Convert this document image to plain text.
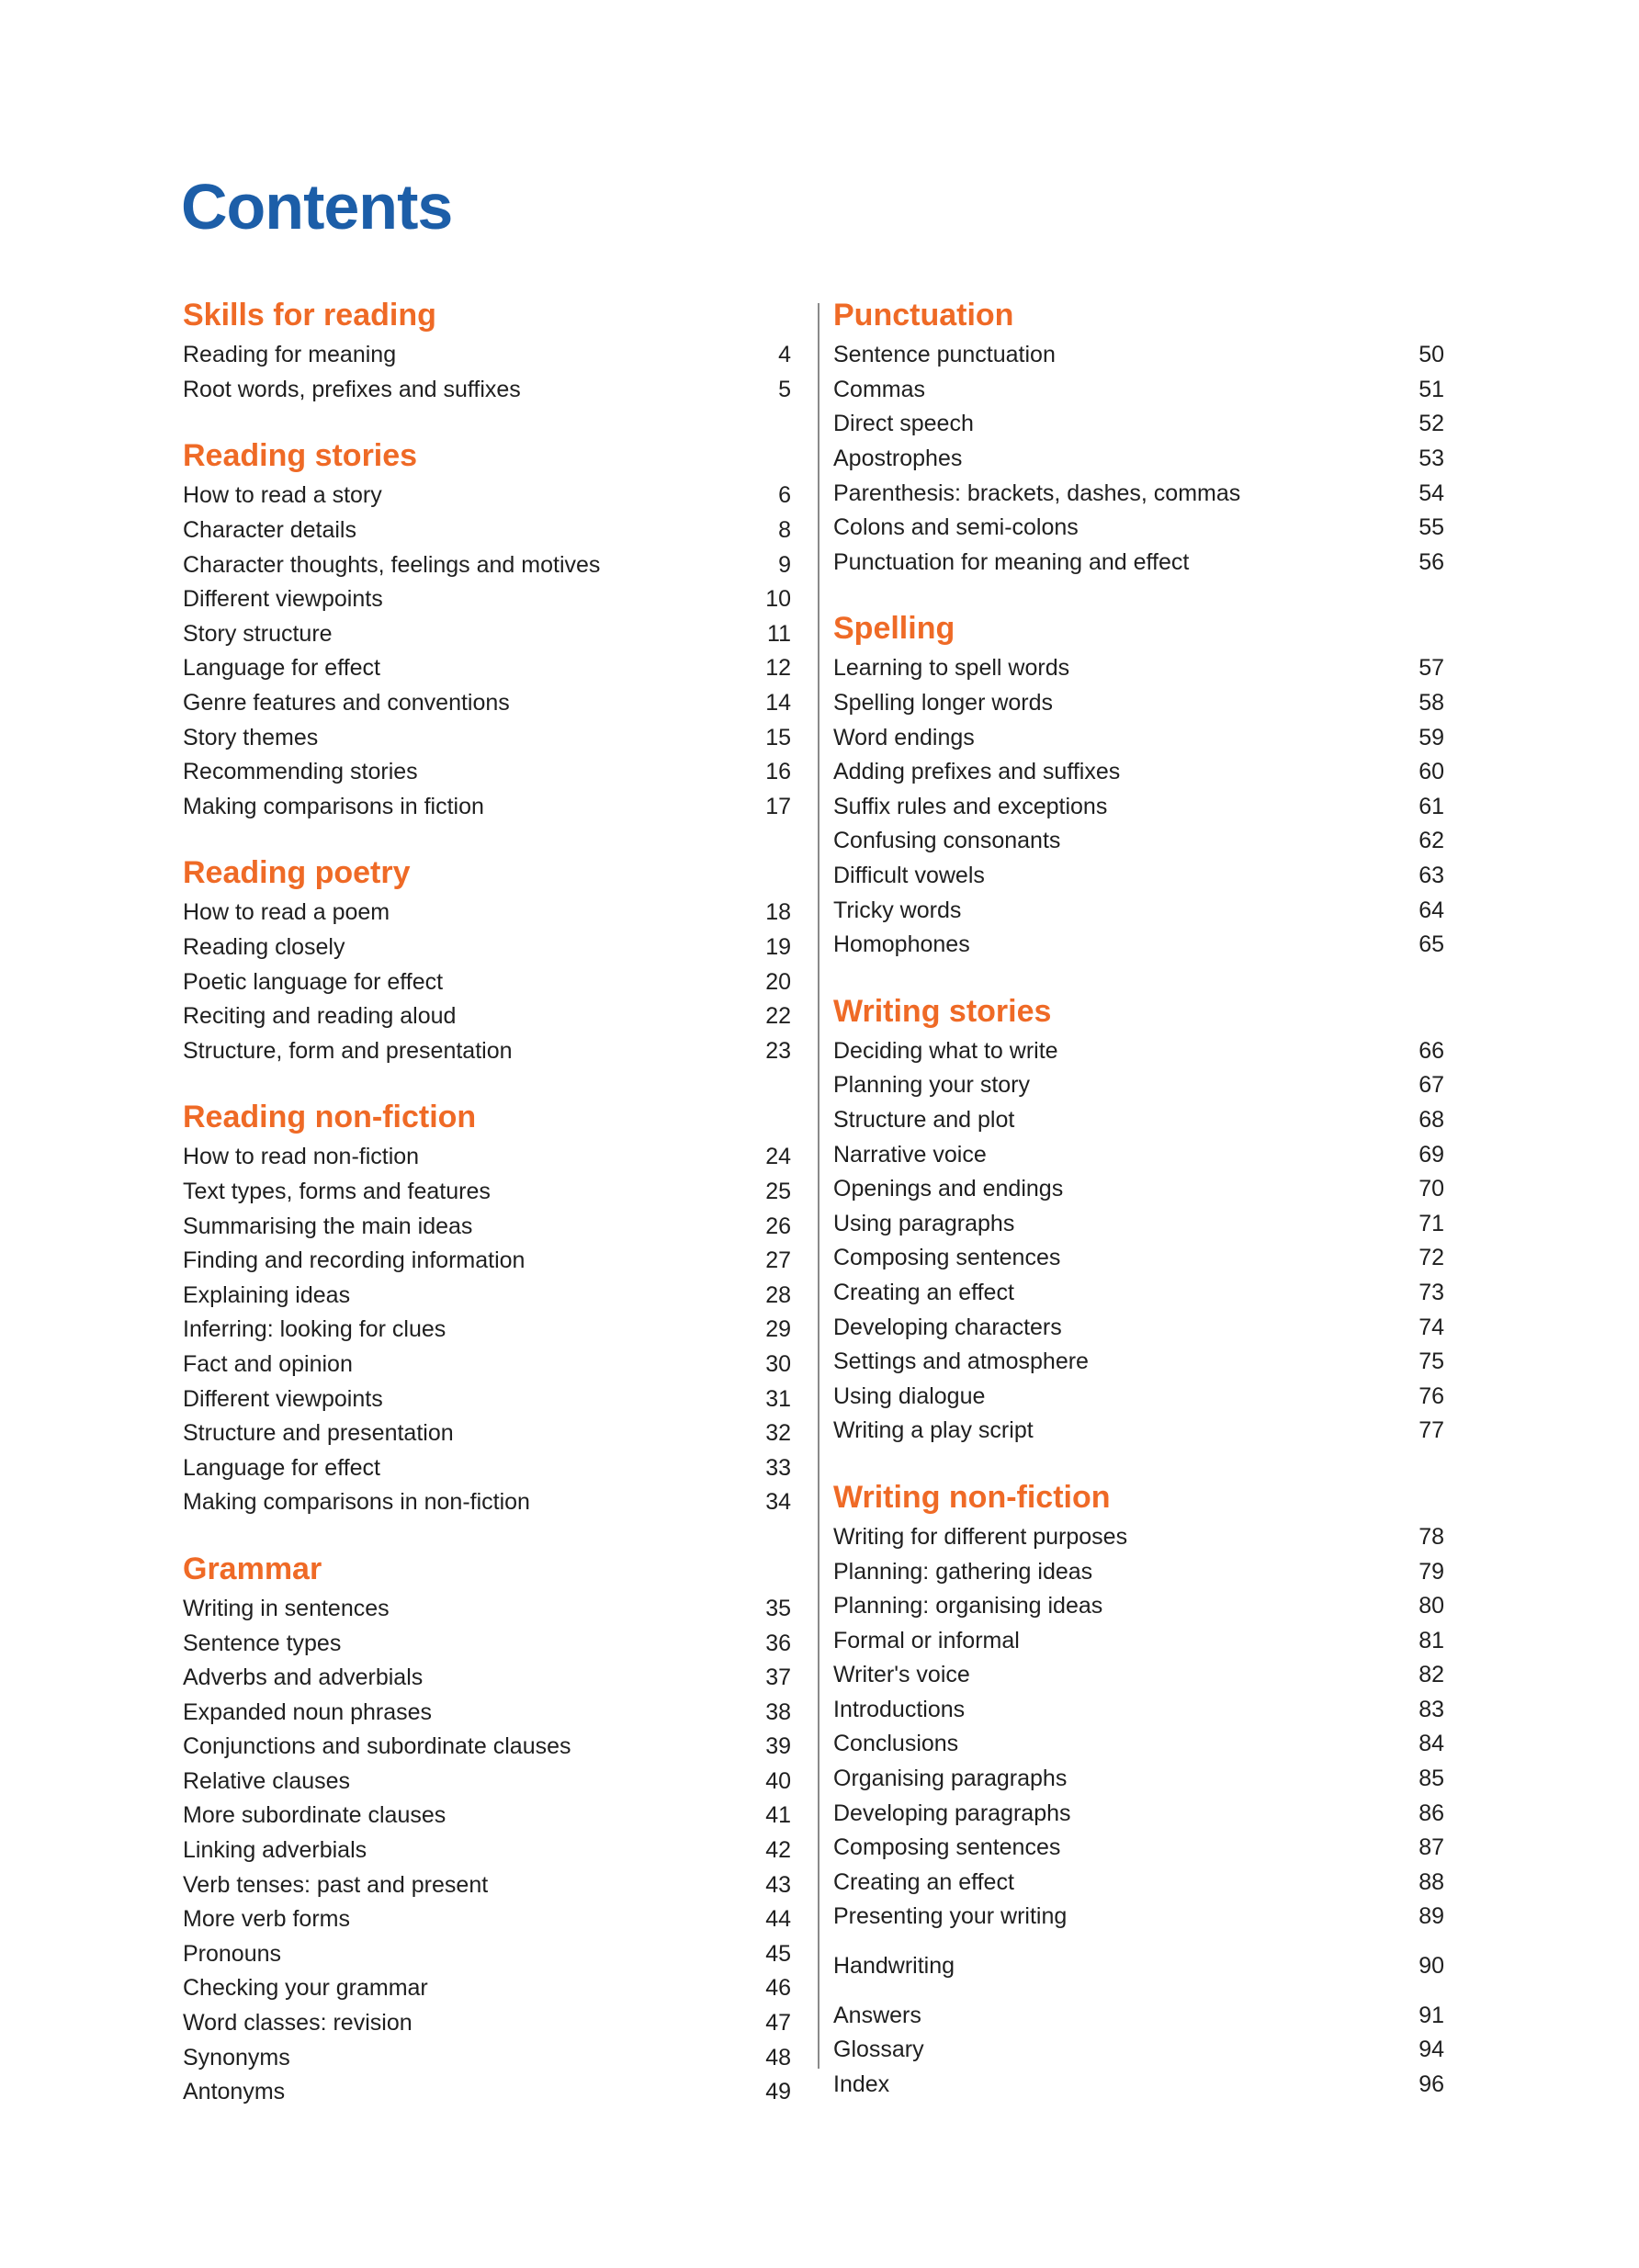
Contents
Skills for reading
Reading for meaning	4
Root words, prefixes and suffixes	5
Reading stories
How to read a story	6
Character details	8
Character thoughts, feelings and motives	9
Different viewpoints	10
Story structure	11
Language for effect	12
Genre features and conventions	14
Story themes	15
Recommending stories	16
Making comparisons in fiction	17
Reading poetry
How to read a poem	18
Reading closely	19
Poetic language for effect	20
Reciting and reading aloud	22
Structure, form and presentation	23
Reading non-fiction
How to read non-fiction	24
Text types, forms and features	25
Summarising the main ideas	26
Finding and recording information	27
Explaining ideas	28
Inferring: looking for clues	29
Fact and opinion	30
Different viewpoints	31
Structure and presentation	32
Language for effect	33
Making comparisons in non-fiction	34
Grammar
Writing in sentences	35
Sentence types	36
Adverbs and adverbials	37
Expanded noun phrases	38
Conjunctions and subordinate clauses	39
Relative clauses	40
More subordinate clauses	41
Linking adverbials	42
Verb tenses: past and present	43
More verb forms	44
Pronouns	45
Checking your grammar	46
Word classes: revision	47
Synonyms	48
Antonyms	49
Punctuation
Sentence punctuation	50
Commas	51
Direct speech	52
Apostrophes	53
Parenthesis: brackets, dashes, commas	54
Colons and semi-colons	55
Punctuation for meaning and effect	56
Spelling
Learning to spell words	57
Spelling longer words	58
Word endings	59
Adding prefixes and suffixes	60
Suffix rules and exceptions	61
Confusing consonants	62
Difficult vowels	63
Tricky words	64
Homophones	65
Writing stories
Deciding what to write	66
Planning your story	67
Structure and plot	68
Narrative voice	69
Openings and endings	70
Using paragraphs	71
Composing sentences	72
Creating an effect	73
Developing characters	74
Settings and atmosphere	75
Using dialogue	76
Writing a play script	77
Writing non-fiction
Writing for different purposes	78
Planning: gathering ideas	79
Planning: organising ideas	80
Formal or informal	81
Writer's voice	82
Introductions	83
Conclusions	84
Organising paragraphs	85
Developing paragraphs	86
Composing sentences	87
Creating an effect	88
Presenting your writing	89
Handwriting	90
Answers	91
Glossary	94
Index	96
